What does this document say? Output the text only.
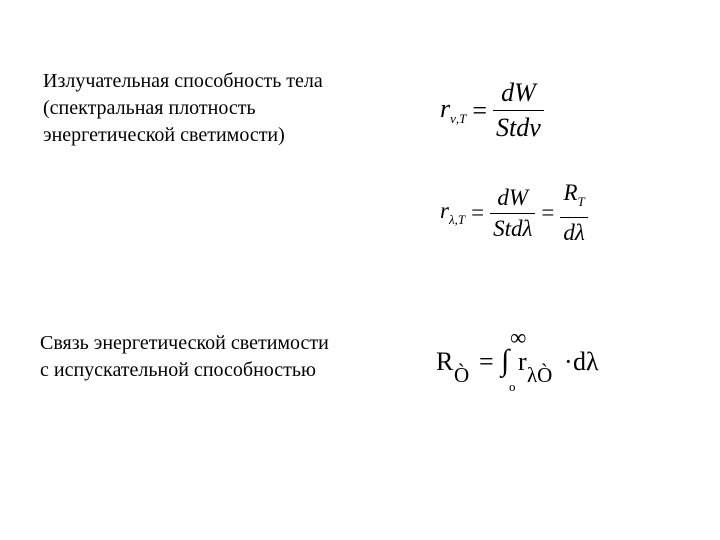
Излучательная способность тела
(спектральная плотность
энергетической светимости)
$r_{\nu,T} = \frac{dW}{\text{Stdν}}$
$r_{\lambda,T} = \frac{dW}{\text{Stdλ}} = \frac{R_T}{d\lambda}$
Связь энергетической светимости
с испускательной способностью	R Ò =
∞
∫
o
r λÒ · dλ
